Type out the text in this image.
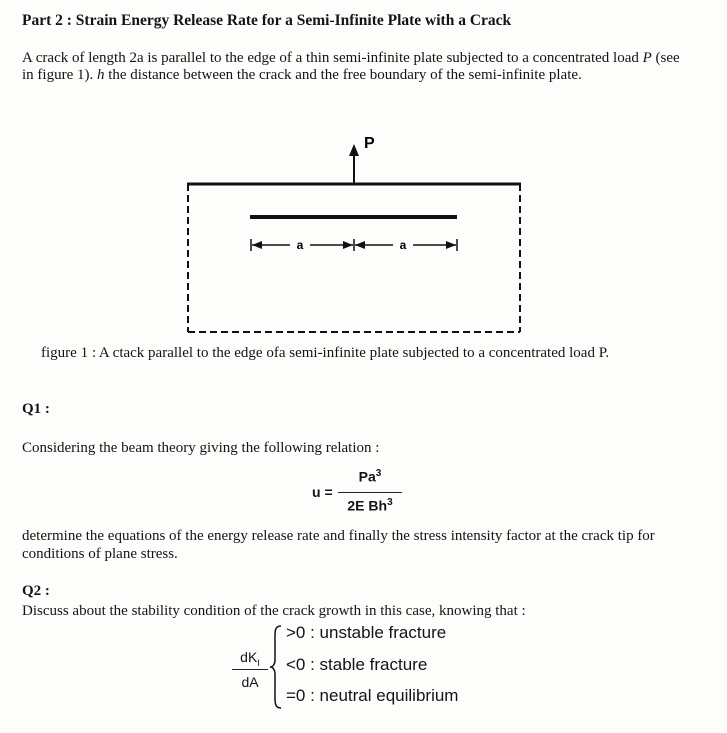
Part 2 : Strain Energy Release Rate for a Semi-Infinite Plate with a Crack
A crack of length 2a is parallel to the edge of a thin semi-infinite plate subjected to a concentrated load P (see in figure 1). h the distance between the crack and the free boundary of the semi-infinite plate.
P
a	a
figure 1 : A ctack parallel to the edge ofa semi-infinite plate subjected to a concentrated load P.
Q1 :
Considering the beam theory giving the following relation :
u =
$Pa^3$
2E Bh$^3$
determine the equations of the energy release rate and finally the stress intensity factor at the crack tip for conditions of plane stress.
Q2 :
Discuss about the stability condition of the crack growth in this case, knowing that :
$dK_I$
dA
>0 : unstable fracture
<0 : stable fracture
=0 : neutral equilibrium
